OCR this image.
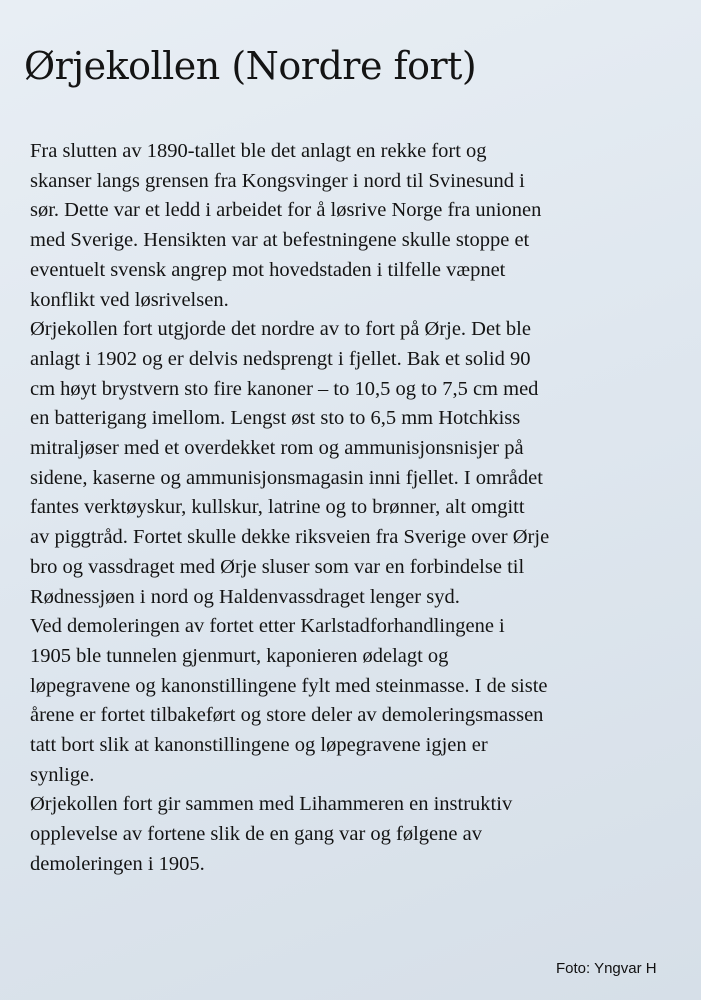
Ørjekollen (Nordre fort)
Fra slutten av 1890-tallet ble det anlagt en rekke fort og
skanser langs grensen fra Kongsvinger i nord til Svinesund i
sør. Dette var et ledd i arbeidet for å løsrive Norge fra unionen
med Sverige. Hensikten var at befestningene skulle stoppe et
eventuelt svensk angrep mot hovedstaden i tilfelle væpnet
konflikt ved løsrivelsen.
Ørjekollen fort utgjorde det nordre av to fort på Ørje. Det ble
anlagt i 1902 og er delvis nedsprengt i fjellet. Bak et solid 90
cm høyt brystvern sto fire kanoner – to 10,5 og to 7,5 cm med
en batterigang imellom. Lengst øst sto to 6,5 mm Hotchkiss
mitraljøser med et overdekket rom og ammunisjonsnisjer på
sidene, kaserne og ammunisjonsmagasin inni fjellet. I området
fantes verktøyskur, kullskur, latrine og to brønner, alt omgitt
av piggtråd. Fortet skulle dekke riksveien fra Sverige over Ørje
bro og vassdraget med Ørje sluser som var en forbindelse til
Rødnessjøen i nord og Haldenvassdraget lenger syd.
Ved demoleringen av fortet etter Karlstadforhandlingene i
1905 ble tunnelen gjenmurt, kaponieren ødelagt og
løpegravene og kanonstillingene fylt med steinmasse. I de siste
årene er fortet tilbakeført og store deler av demoleringsmassen
tatt bort slik at kanonstillingene og løpegravene igjen er
synlige.
Ørjekollen fort gir sammen med Lihammeren en instruktiv
opplevelse av fortene slik de en gang var og følgene av
demoleringen i 1905.
Foto: Yngvar H
